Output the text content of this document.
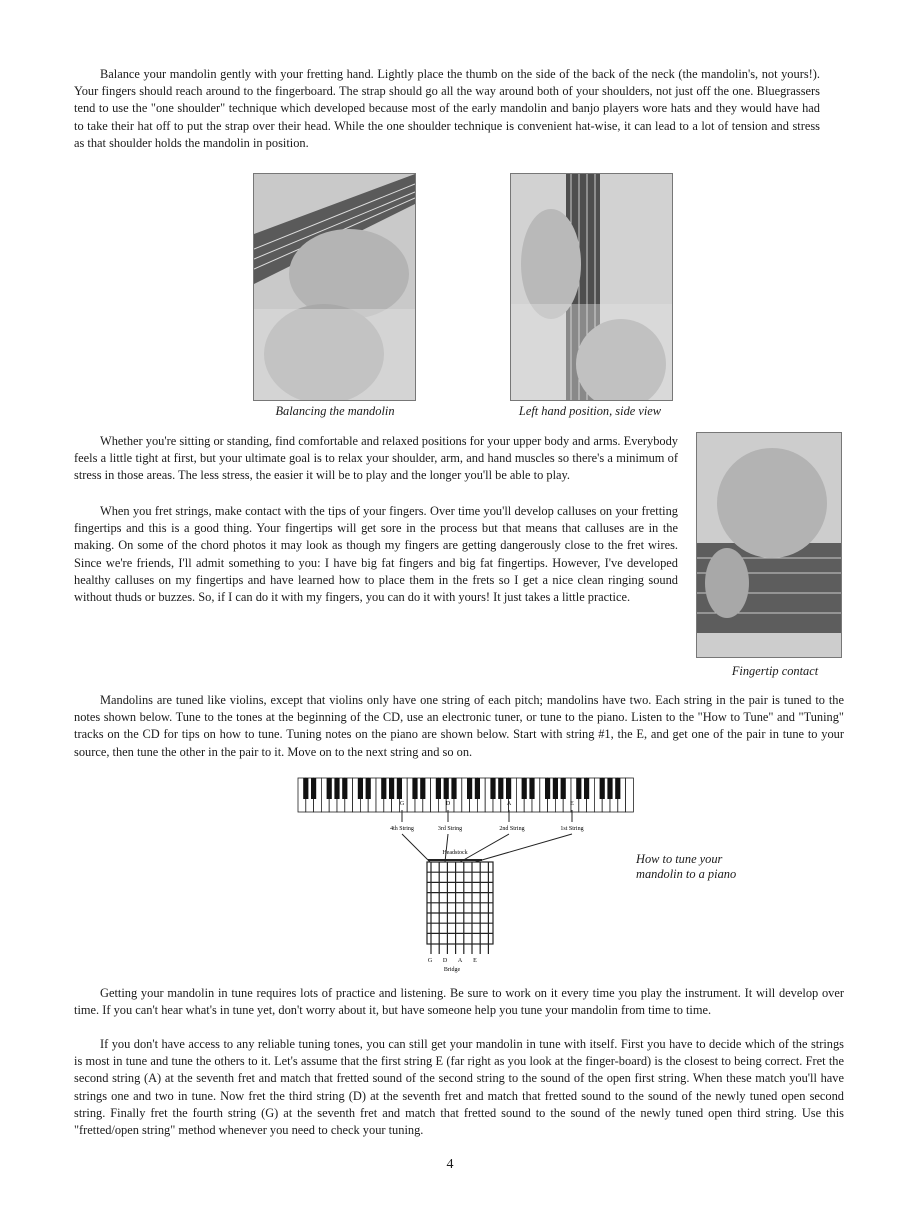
Balance your mandolin gently with your fretting hand. Lightly place the thumb on the side of the back of the neck (the mandolin's, not yours!). Your fingers should reach around to the fingerboard. The strap should go all the way around both of your shoulders, not just off the one. Bluegrassers tend to use the "one shoulder" technique which developed because most of the early mandolin and banjo players wore hats and they would have had to take their hat off to put the strap over their head. While the one shoulder technique is convenient hat-wise, it can lead to a lot of tension and stress as that shoulder holds the mandolin in position.

Balancing the mandolin	Left hand position, side view

Whether you're sitting or standing, find comfortable and relaxed positions for your upper body and arms. Everybody feels a little tight at first, but your ultimate goal is to relax your shoulder, arm, and hand muscles so there's a minimum of stress in those areas. The less stress, the easier it will be to play and the longer you'll be able to play.

When you fret strings, make contact with the tips of your fingers. Over time you'll develop calluses on your fretting fingertips and this is a good thing. Your fingertips will get sore in the process but that means that calluses are in the making. On some of the chord photos it may look as though my fingers are getting dangerously close to the fret wires. Since we're friends, I'll admit something to you: I have big fat fingers and big fat fingertips. However, I've developed healthy calluses on my fingertips and have learned how to place them in the frets so I get a nice clean ringing sound without thuds or buzzes. So, if I can do it with my fingers, you can do it with yours! It just takes a little practice.

Fingertip contact

Mandolins are tuned like violins, except that violins only have one string of each pitch; mandolins have two. Each string in the pair is tuned to the notes shown below. Tune to the tones at the beginning of the CD, use an electronic tuner, or tune to the piano. Listen to the "How to Tune" and "Tuning" tracks on the CD for tips on how to tune. Tuning notes on the piano are shown below. Start with string #1, the E, and get one of the pair in tune to your source, then tune the other in the pair to it. Move on to the next string and so on.

4th String	3rd String	2nd String	1st String
Headstock
G D A E
Bridge
G	D	A	E
How to tune your
mandolin to a piano

Getting your mandolin in tune requires lots of practice and listening. Be sure to work on it every time you play the instrument. It will develop over time. If you can't hear what's in tune yet, don't worry about it, but have someone help you tune your mandolin from time to time.

If you don't have access to any reliable tuning tones, you can still get your mandolin in tune with itself. First you have to decide which of the strings is most in tune and tune the others to it. Let's assume that the first string E (far right as you look at the finger-board) is the closest to being correct. Fret the second string (A) at the seventh fret and match that fretted sound of the second string to the sound of the open first string. When these match you'll have strings one and two in tune. Now fret the third string (D) at the seventh fret and match that fretted sound to the sound of the newly tuned open second string. Finally fret the fourth string (G) at the seventh fret and match that fretted sound to the sound of the newly tuned open third string. Use this "fretted/open string" method whenever you need to check your tuning.

4
